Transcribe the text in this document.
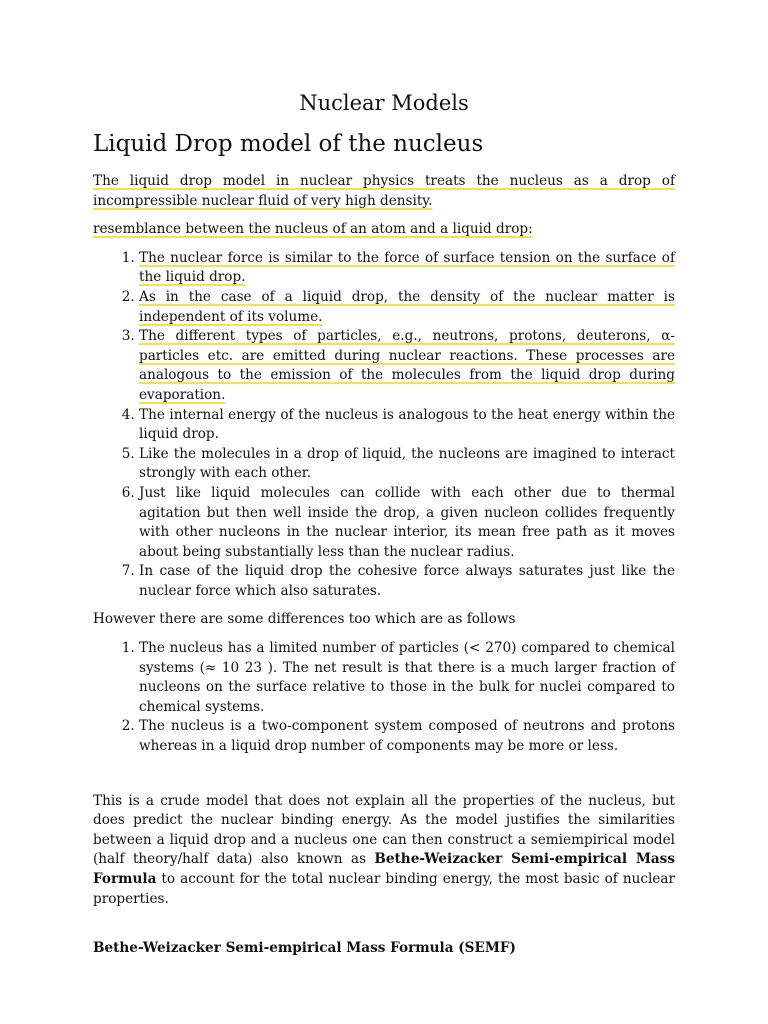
Nuclear Models
Liquid Drop model of the nucleus

The liquid drop model in nuclear physics treats the nucleus as a drop of incompressible nuclear fluid of very high density.

resemblance between the nucleus of an atom and a liquid drop:

1. The nuclear force is similar to the force of surface tension on the surface of the liquid drop.
2. As in the case of a liquid drop, the density of the nuclear matter is independent of its volume.
3. The different types of particles, e.g., neutrons, protons, deuterons, α-particles etc. are emitted during nuclear reactions. These processes are analogous to the emission of the molecules from the liquid drop during evaporation.
4. The internal energy of the nucleus is analogous to the heat energy within the liquid drop.
5. Like the molecules in a drop of liquid, the nucleons are imagined to interact strongly with each other.
6. Just like liquid molecules can collide with each other due to thermal agitation but then well inside the drop, a given nucleon collides frequently with other nucleons in the nuclear interior, its mean free path as it moves about being substantially less than the nuclear radius.
7. In case of the liquid drop the cohesive force always saturates just like the nuclear force which also saturates.

However there are some differences too which are as follows

1. The nucleus has a limited number of particles (< 270) compared to chemical systems (≈ 10 23 ). The net result is that there is a much larger fraction of nucleons on the surface relative to those in the bulk for nuclei compared to chemical systems.
2. The nucleus is a two-component system composed of neutrons and protons whereas in a liquid drop number of components may be more or less.

This is a crude model that does not explain all the properties of the nucleus, but does predict the nuclear binding energy. As the model justifies the similarities between a liquid drop and a nucleus one can then construct a semiempirical model (half theory/half data) also known as Bethe-Weizacker Semi-empirical Mass Formula to account for the total nuclear binding energy, the most basic of nuclear properties.

Bethe-Weizacker Semi-empirical Mass Formula (SEMF)
